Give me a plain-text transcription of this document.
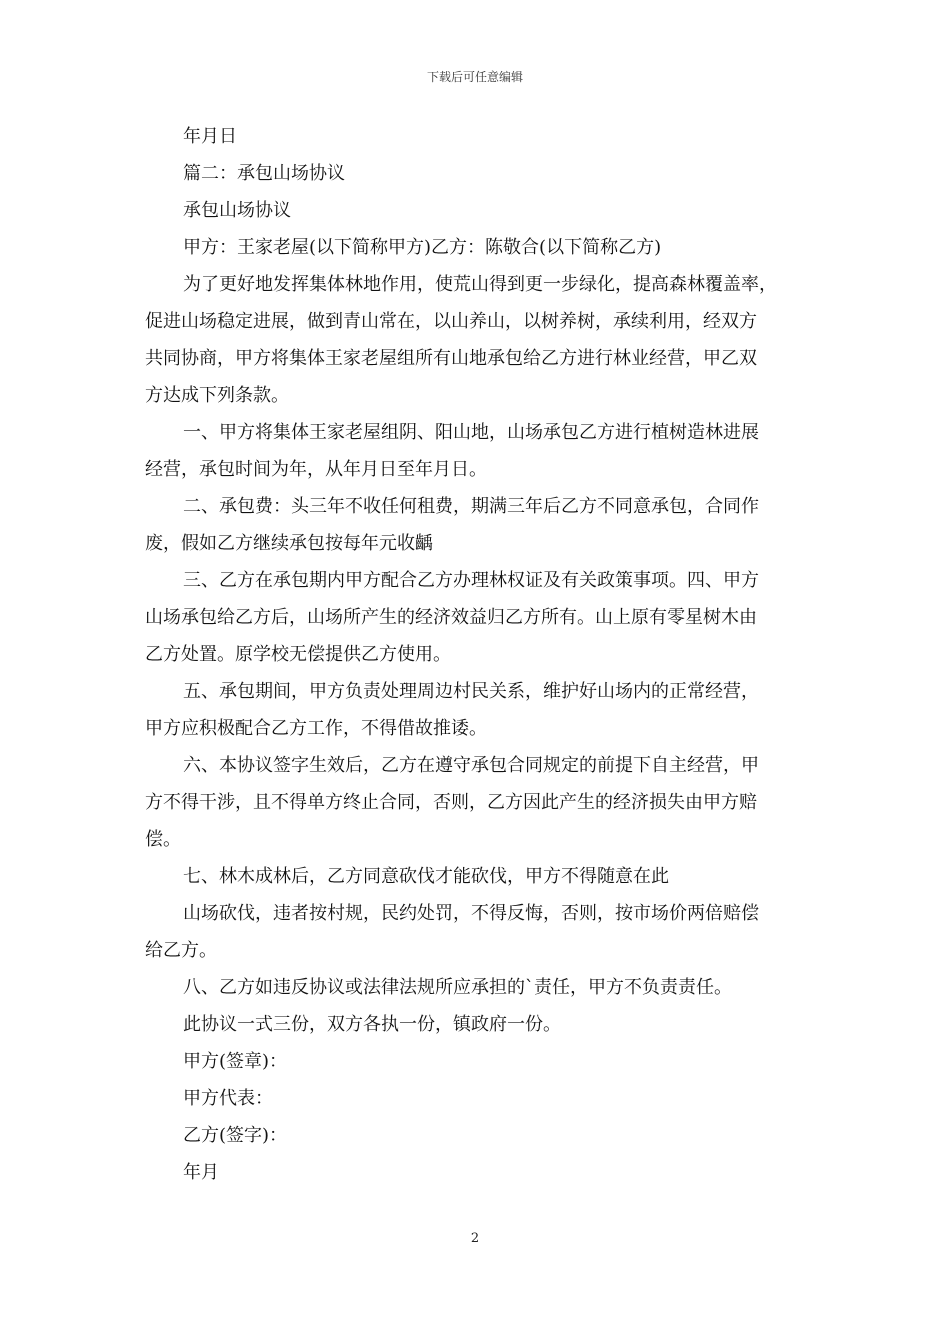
下载后可任意编辑

年月日

篇二：承包山场协议

承包山场协议

甲方：王家老屋(以下简称甲方)乙方：陈敬合(以下简称乙方)

为了更好地发挥集体林地作用，使荒山得到更一步绿化，提高森林覆盖率，
促进山场稳定进展，做到青山常在，以山养山，以树养树，承续利用，经双方
共同协商，甲方将集体王家老屋组所有山地承包给乙方进行林业经营，甲乙双
方达成下列条款。
一、甲方将集体王家老屋组阴、阳山地，山场承包乙方进行植树造林进展
经营，承包时间为年，从年月日至年月日。
二、承包费：头三年不收任何租费，期满三年后乙方不同意承包，合同作
废，假如乙方继续承包按每年元收齲
三、乙方在承包期内甲方配合乙方办理林权证及有关政策事项。四、甲方
山场承包给乙方后，山场所产生的经济效益归乙方所有。山上原有零星树木由
乙方处置。原学校无偿提供乙方使用。
五、承包期间，甲方负责处理周边村民关系，维护好山场内的正常经营，
甲方应积极配合乙方工作，不得借故推诿。
六、本协议签字生效后，乙方在遵守承包合同规定的前提下自主经营，甲
方不得干涉，且不得单方终止合同，否则，乙方因此产生的经济损失由甲方赔
偿。
七、林木成林后，乙方同意砍伐才能砍伐，甲方不得随意在此
山场砍伐，违者按村规，民约处罚，不得反悔，否则，按市场价两倍赔偿
给乙方。
八、乙方如违反协议或法律法规所应承担的`责任，甲方不负责责任。

此协议一式三份，双方各执一份，镇政府一份。

甲方(签章)：

甲方代表：

乙方(签字)：

年月

2
